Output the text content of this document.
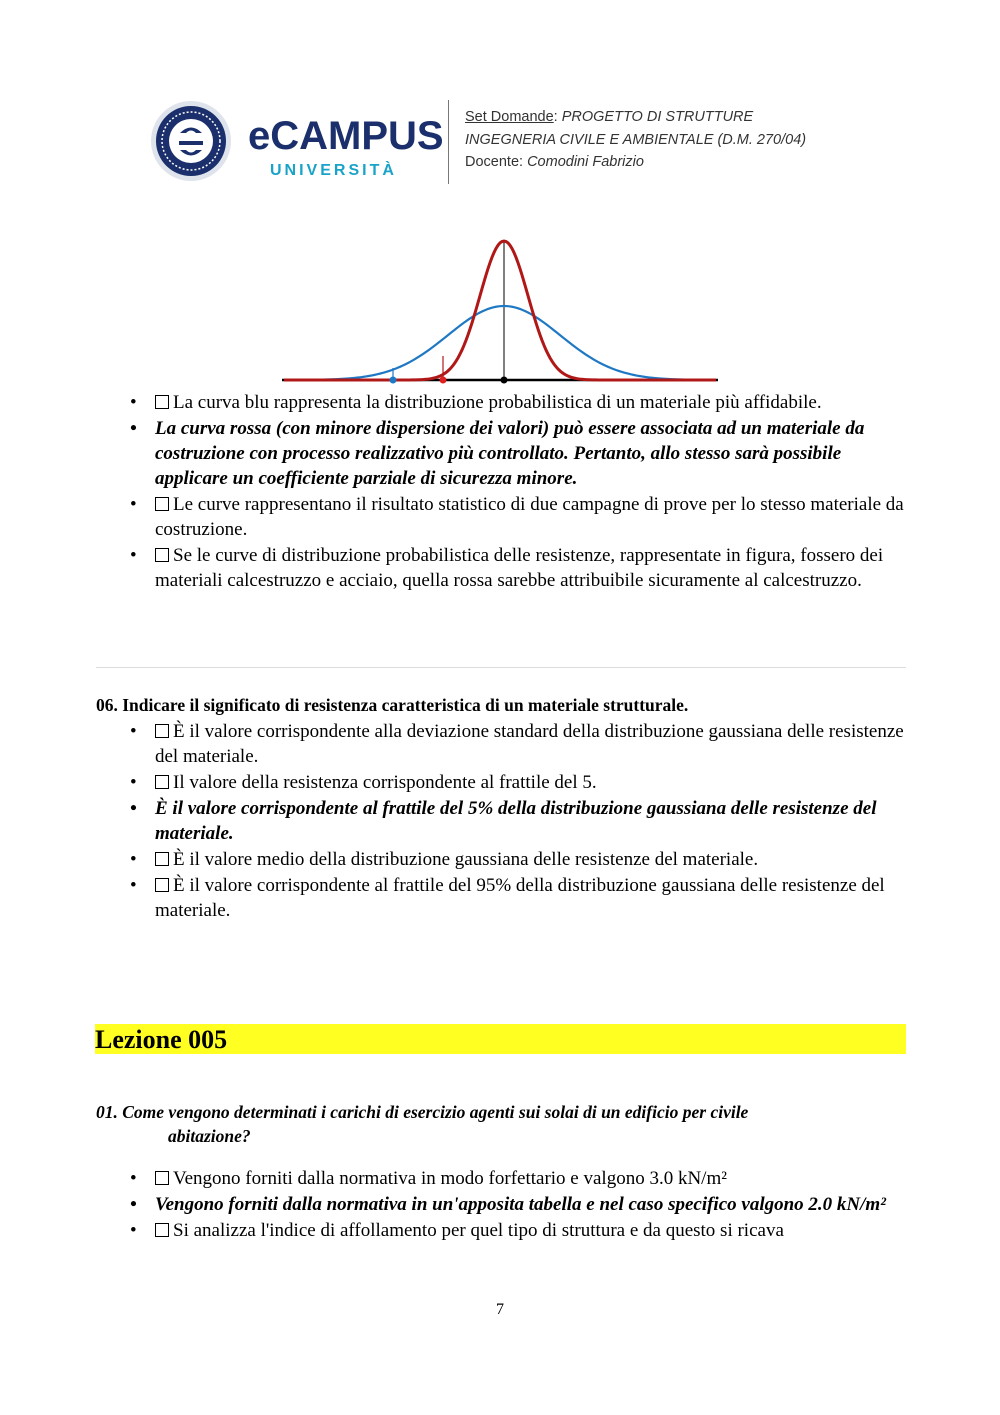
eCAMPUS
UNIVERSITÀ
Set Domande: PROGETTO DI STRUTTURE
INGEGNERIA CIVILE E AMBIENTALE (D.M. 270/04)
Docente: Comodini Fabrizio
• La curva blu rappresenta la distribuzione probabilistica di un materiale più affidabile.
• La curva rossa (con minore dispersione dei valori) può essere associata ad un materiale da costruzione con processo realizzativo più controllato. Pertanto, allo stesso sarà possibile applicare un coefficiente parziale di sicurezza minore.
• Le curve rappresentano il risultato statistico di due campagne di prove per lo stesso materiale da costruzione.
• Se le curve di distribuzione probabilistica delle resistenze, rappresentate in figura, fossero dei materiali calcestruzzo e acciaio, quella rossa sarebbe attribuibile sicuramente al calcestruzzo.
06. Indicare il significato di resistenza caratteristica di un materiale strutturale.
• È il valore corrispondente alla deviazione standard della distribuzione gaussiana delle resistenze del materiale.
• Il valore della resistenza corrispondente al frattile del 5.
• È il valore corrispondente al frattile del 5% della distribuzione gaussiana delle resistenze del materiale.
• È il valore medio della distribuzione gaussiana delle resistenze del materiale.
• È il valore corrispondente al frattile del 95% della distribuzione gaussiana delle resistenze del materiale.
Lezione 005
01. Come vengono determinati i carichi di esercizio agenti sui solai di un edificio per civile
abitazione?
• Vengono forniti dalla normativa in modo forfettario e valgono 3.0 kN/m²
• Vengono forniti dalla normativa in un'apposita tabella e nel caso specifico valgono 2.0 kN/m²
• Si analizza l'indice di affollamento per quel tipo di struttura e da questo si ricava
7
